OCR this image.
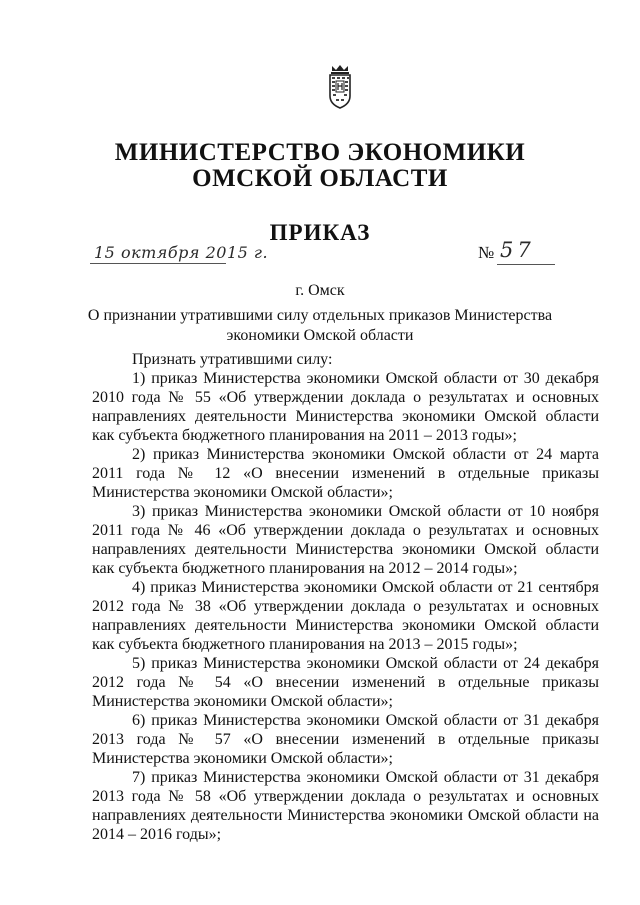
МИНИСТЕРСТВО ЭКОНОМИКИ
ОМСКОЙ ОБЛАСТИ
ПРИКАЗ
15 октября 2015 г.	№ 57
г. Омск
О признании утратившими силу отдельных приказов Министерства
экономики Омской области

Признать утратившими силу:

1) приказ Министерства экономики Омской области от 30 декабря 2010 года № 55 «Об утверждении доклада о результатах и основных направлениях деятельности Министерства экономики Омской области как субъекта бюджетного планирования на 2011 – 2013 годы»;

2) приказ Министерства экономики Омской области от 24 марта 2011 года № 12 «О внесении изменений в отдельные приказы Министерства экономики Омской области»;

3) приказ Министерства экономики Омской области от 10 ноября 2011 года № 46 «Об утверждении доклада о результатах и основных направлениях деятельности Министерства экономики Омской области как субъекта бюджетного планирования на 2012 – 2014 годы»;

4) приказ Министерства экономики Омской области от 21 сентября 2012 года № 38 «Об утверждении доклада о результатах и основных направлениях деятельности Министерства экономики Омской области как субъекта бюджетного планирования на 2013 – 2015 годы»;

5) приказ Министерства экономики Омской области от 24 декабря 2012 года № 54 «О внесении изменений в отдельные приказы Министерства экономики Омской области»;

6) приказ Министерства экономики Омской области от 31 декабря 2013 года № 57 «О внесении изменений в отдельные приказы Министерства экономики Омской области»;

7) приказ Министерства экономики Омской области от 31 декабря 2013 года № 58 «Об утверждении доклада о результатах и основных направлениях деятельности Министерства экономики Омской области на 2014 – 2016 годы»;
